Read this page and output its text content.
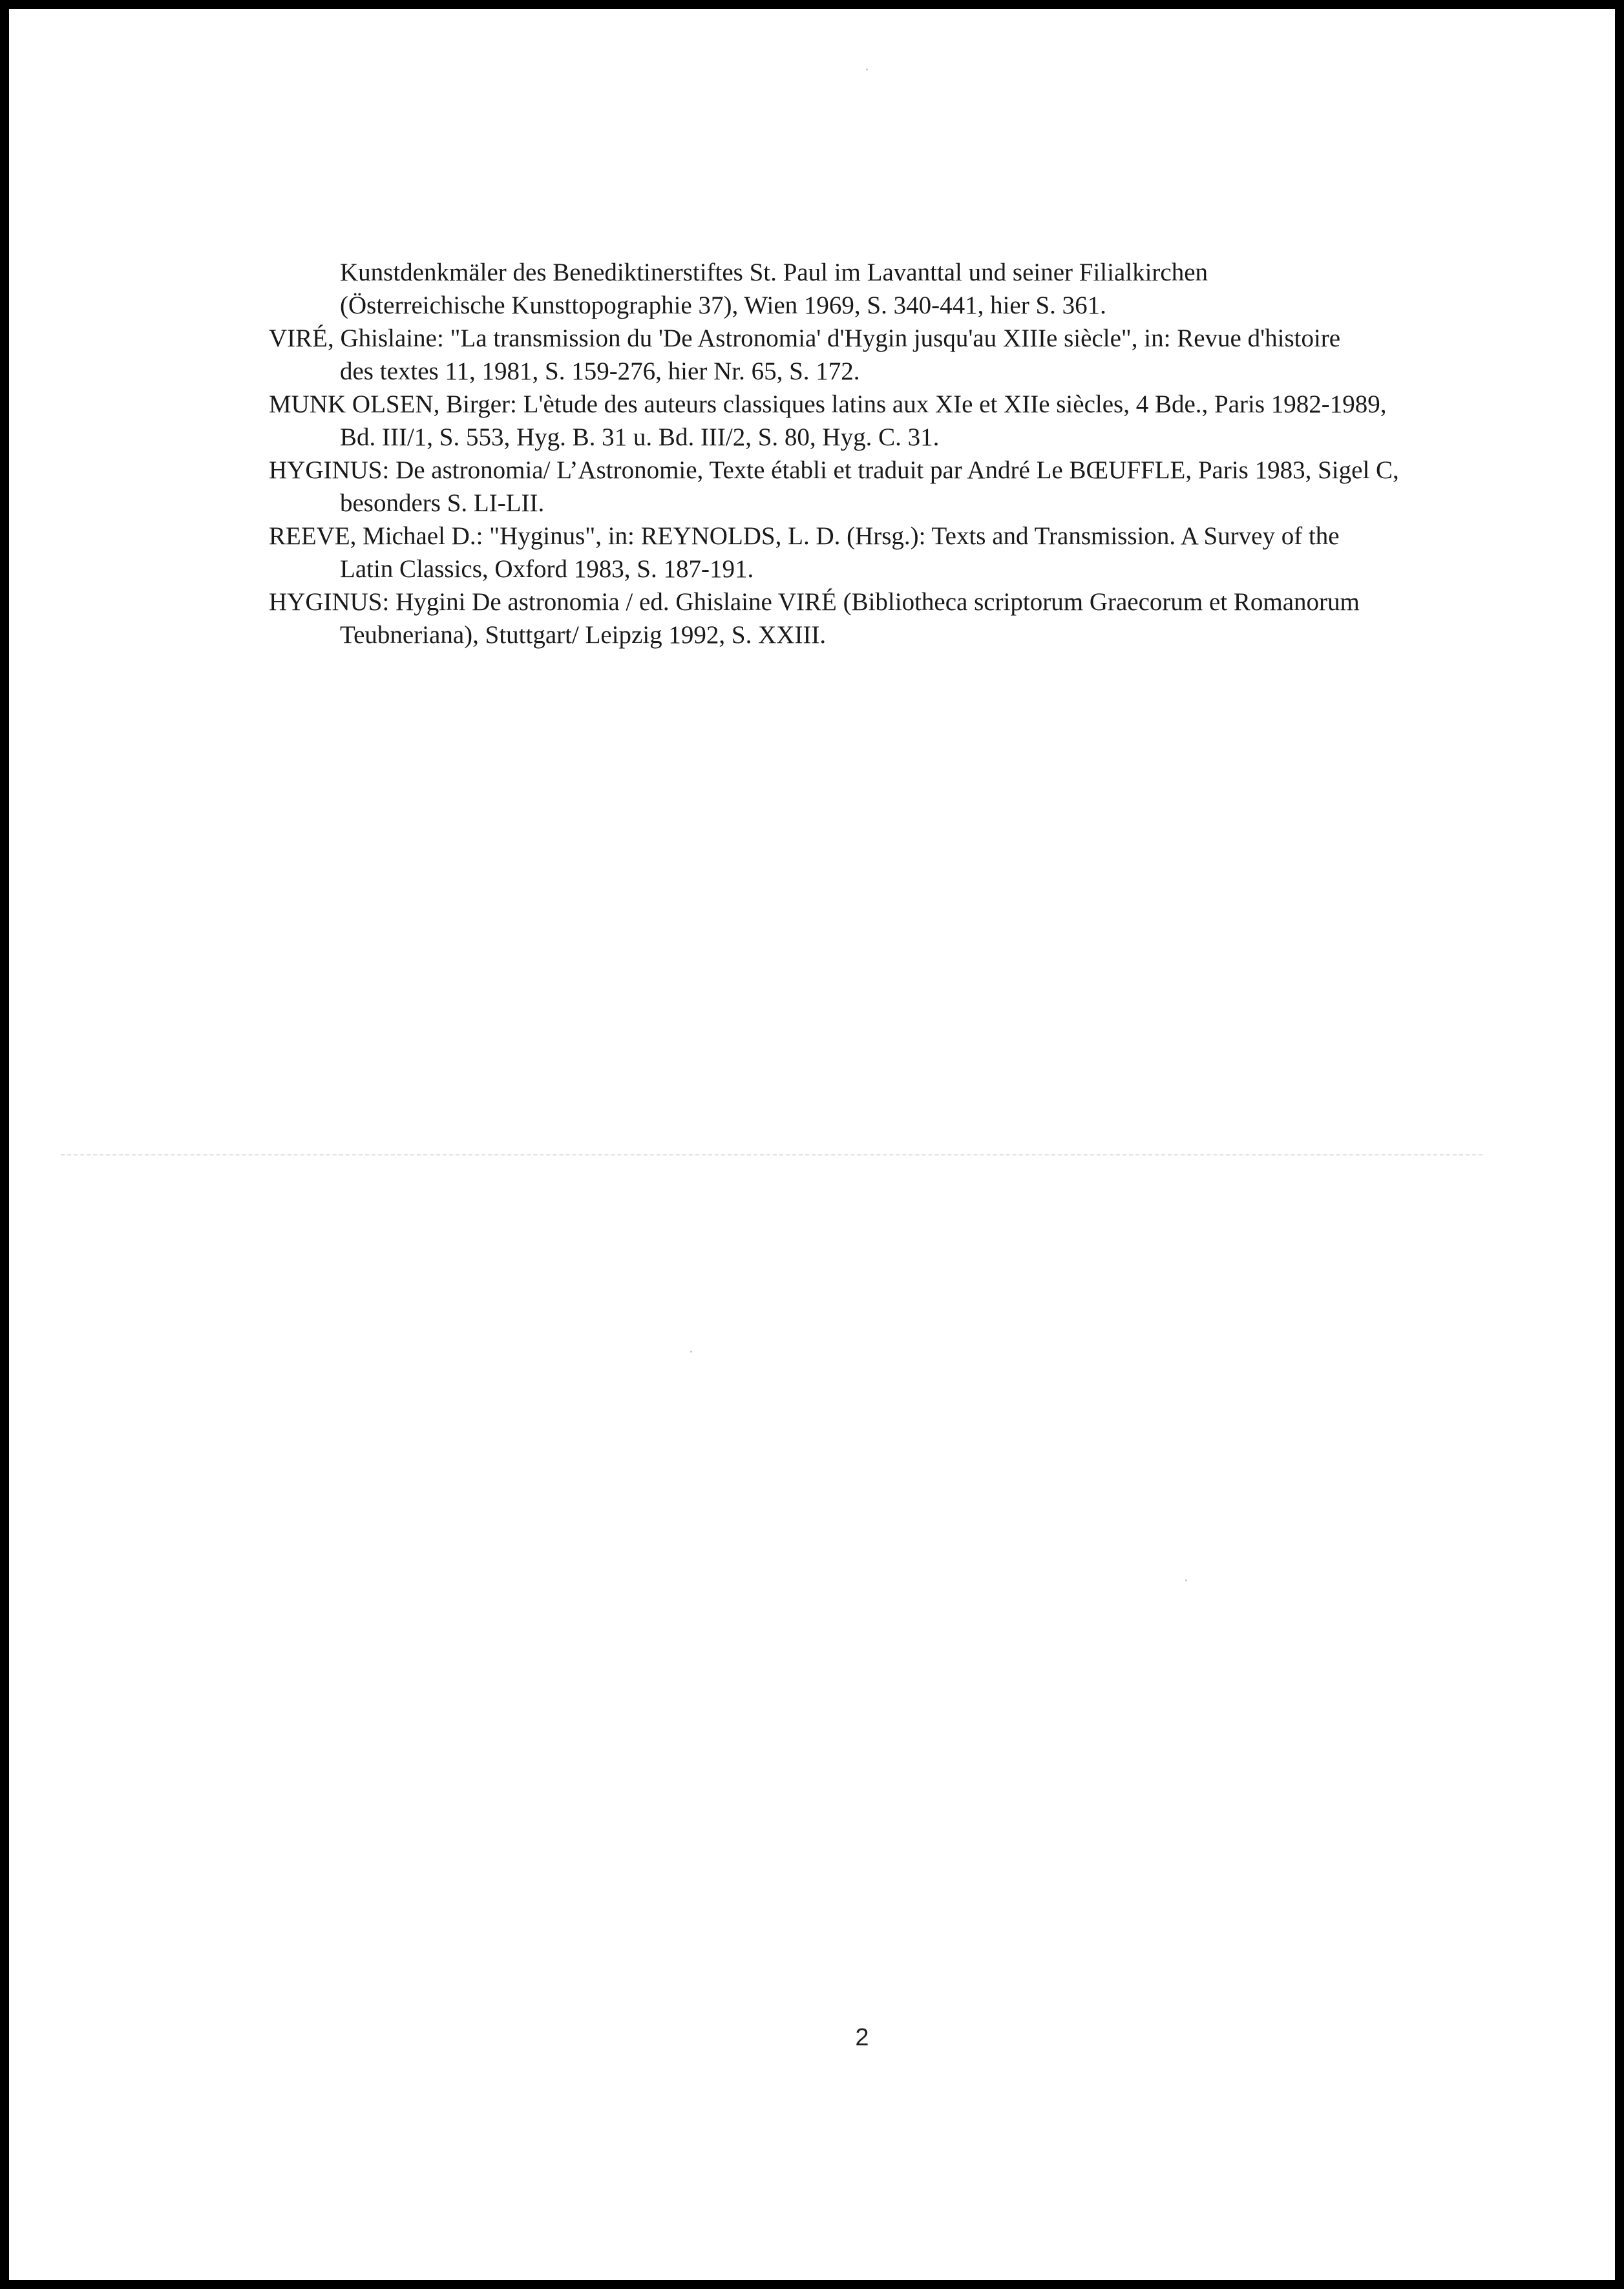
Kunstdenkmäler des Benediktinerstiftes St. Paul im Lavanttal und seiner Filialkirchen
(Österreichische Kunsttopographie 37), Wien 1969, S. 340-441, hier S. 361.
VIRÉ, Ghislaine: "La transmission du 'De Astronomia' d'Hygin jusqu'au XIIIe siècle", in: Revue d'histoire
des textes 11, 1981, S. 159-276, hier Nr. 65, S. 172.
MUNK OLSEN, Birger: L'ètude des auteurs classiques latins aux XIe et XIIe siècles, 4 Bde., Paris 1982-1989,
Bd. III/1, S. 553, Hyg. B. 31 u. Bd. III/2, S. 80, Hyg. C. 31.
HYGINUS: De astronomia/ L’Astronomie, Texte établi et traduit par André Le BŒUFFLE, Paris 1983, Sigel C,
besonders S. LI-LII.
REEVE, Michael D.: "Hyginus", in: REYNOLDS, L. D. (Hrsg.): Texts and Transmission. A Survey of the
Latin Classics, Oxford 1983, S. 187-191.
HYGINUS: Hygini De astronomia / ed. Ghislaine VIRÉ (Bibliotheca scriptorum Graecorum et Romanorum
Teubneriana), Stuttgart/ Leipzig 1992, S. XXIII.
2
